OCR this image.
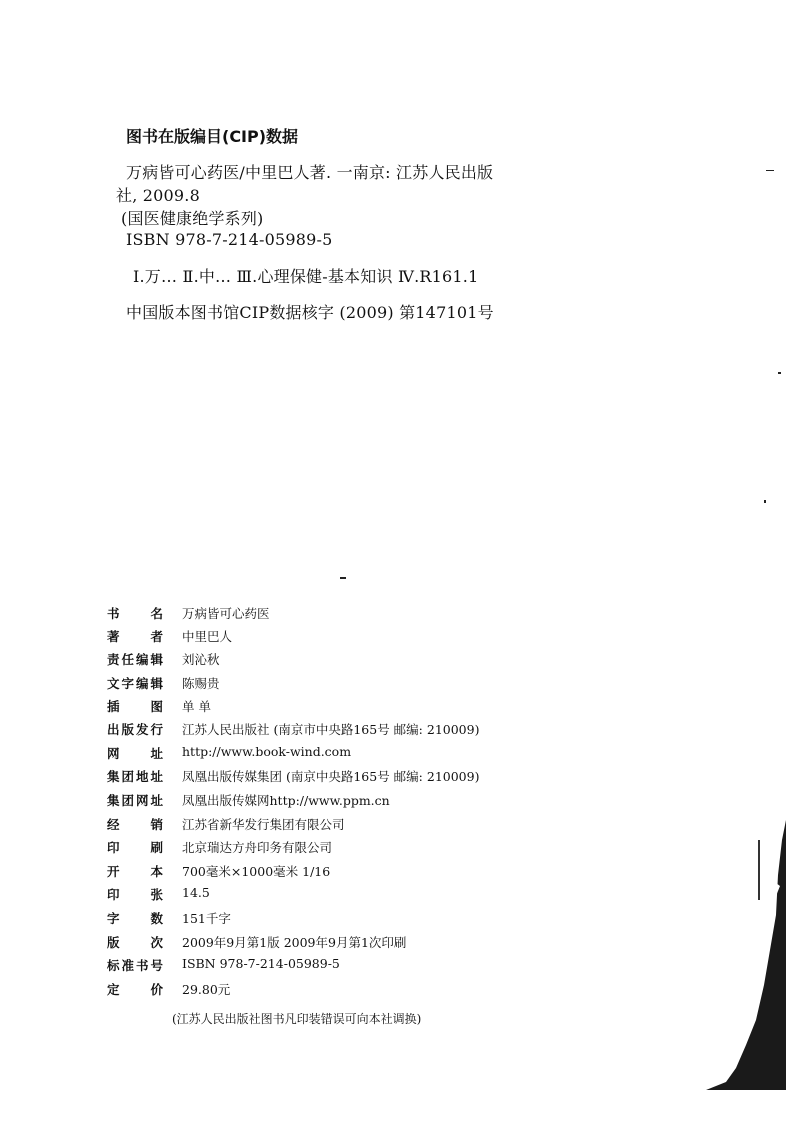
图书在版编目(CIP)数据
万病皆可心药医/中里巴人著. 一南京: 江苏人民出版
社, 2009.8
(国医健康绝学系列)
ISBN 978-7-214-05989-5
Ⅰ.万… Ⅱ.中… Ⅲ.心理保健-基本知识 Ⅳ.R161.1
中国版本图书馆CIP数据核字 (2009) 第147101号
书名 万病皆可心药医
著者 中里巴人
责任编辑 刘沁秋
文字编辑 陈赐贵
插图 单 单
出版发行 江苏人民出版社 (南京市中央路165号 邮编: 210009)
网址 http://www.book-wind.com
集团地址 凤凰出版传媒集团 (南京中央路165号 邮编: 210009)
集团网址 凤凰出版传媒网http://www.ppm.cn
经销 江苏省新华发行集团有限公司
印刷 北京瑞达方舟印务有限公司
开本 700毫米×1000毫米 1/16
印张 14.5
字数 151千字
版次 2009年9月第1版 2009年9月第1次印刷
标准书号 ISBN 978-7-214-05989-5
定价 29.80元
(江苏人民出版社图书凡印装错误可向本社调换)
